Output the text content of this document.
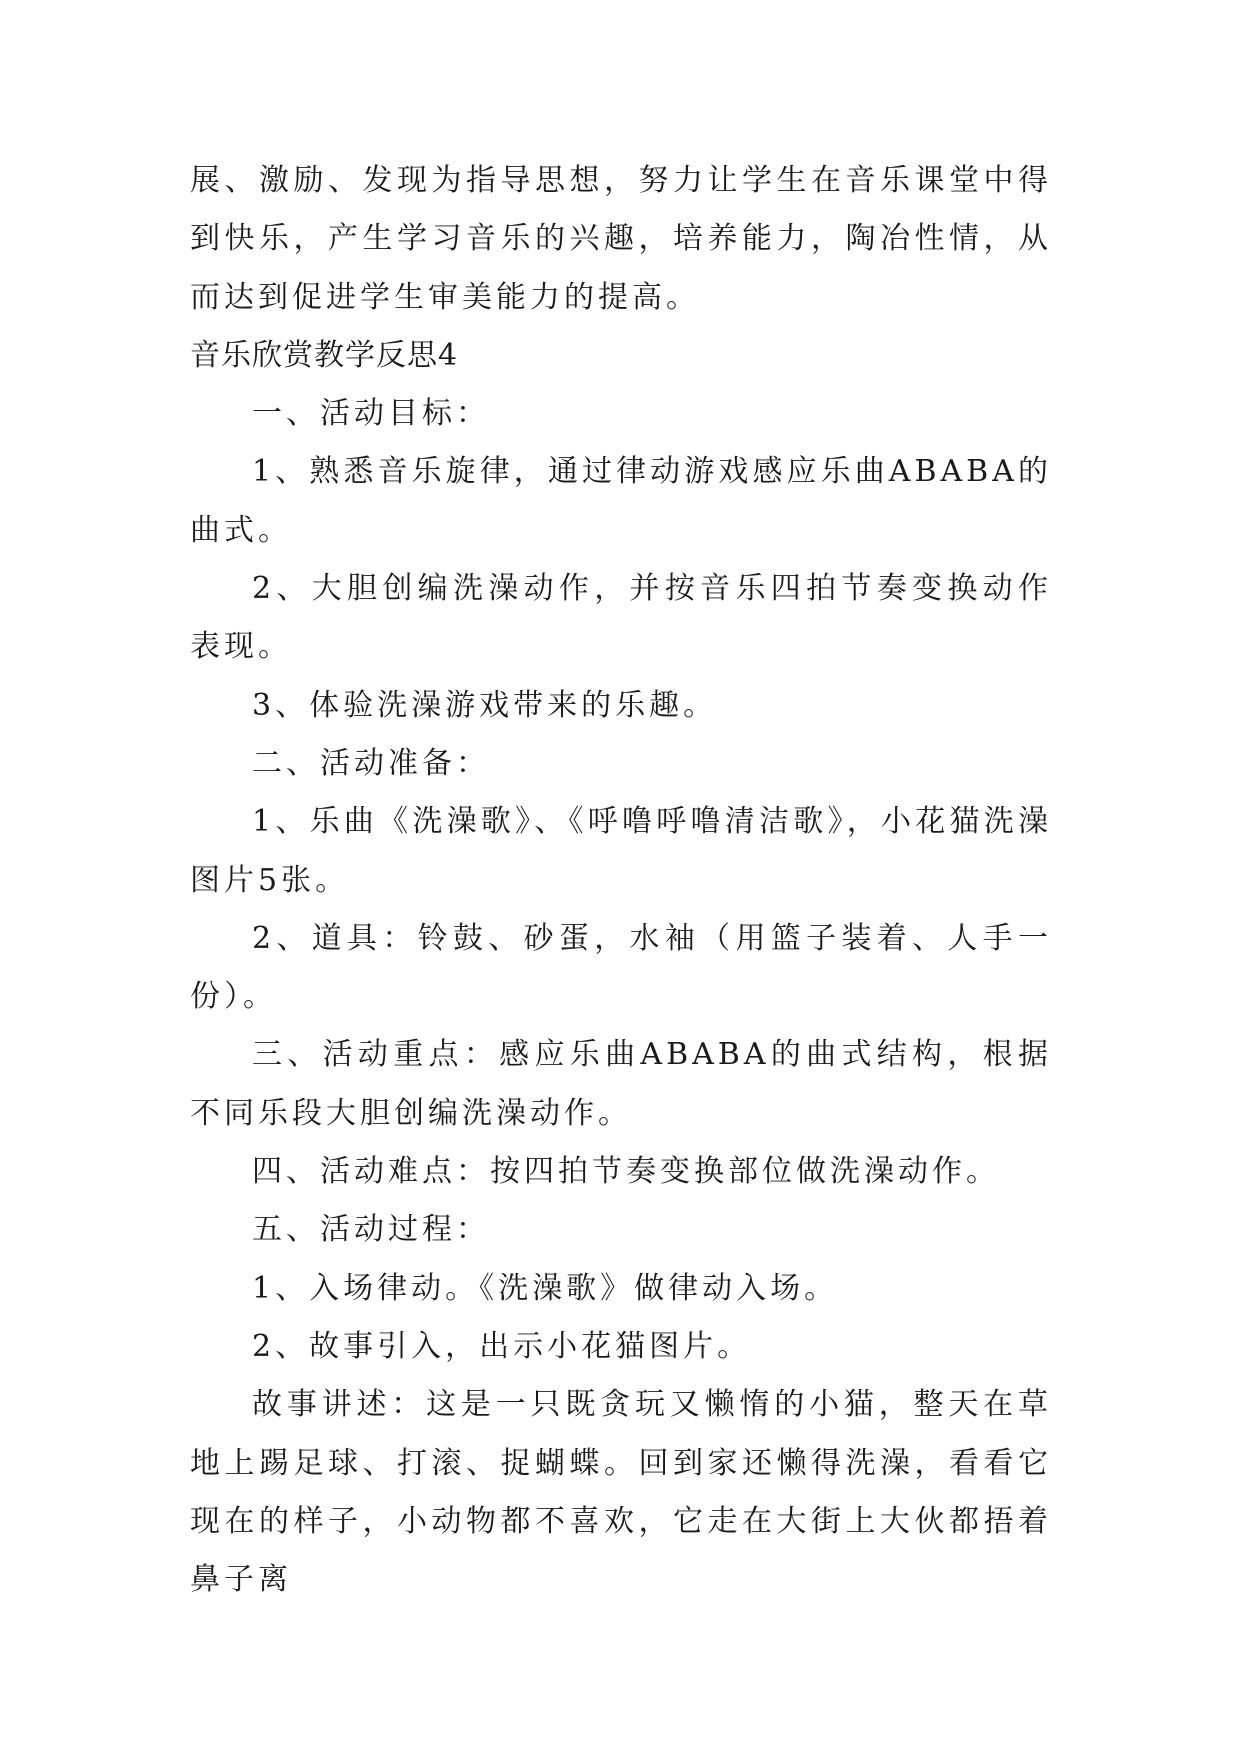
展、激励、发现为指导思想，努力让学生在音乐课堂中得到快乐，产生学习音乐的兴趣，培养能力，陶冶性情，从而达到促进学生审美能力的提高。

音乐欣赏教学反思4

一、活动目标：

1、熟悉音乐旋律，通过律动游戏感应乐曲ABABA的曲式。

2、大胆创编洗澡动作，并按音乐四拍节奏变换动作表现。

3、体验洗澡游戏带来的乐趣。

二、活动准备：

1、乐曲《洗澡歌》、《呼噜呼噜清洁歌》，小花猫洗澡图片5张。

2、道具：铃鼓、砂蛋，水袖（用篮子装着、人手一份）。

三、活动重点：感应乐曲ABABA的曲式结构，根据不同乐段大胆创编洗澡动作。

四、活动难点：按四拍节奏变换部位做洗澡动作。

五、活动过程：

1、入场律动。《洗澡歌》做律动入场。

2、故事引入，出示小花猫图片。

故事讲述：这是一只既贪玩又懒惰的小猫，整天在草地上踢足球、打滚、捉蝴蝶。回到家还懒得洗澡，看看它现在的样子，小动物都不喜欢，它走在大街上大伙都捂着鼻子离
